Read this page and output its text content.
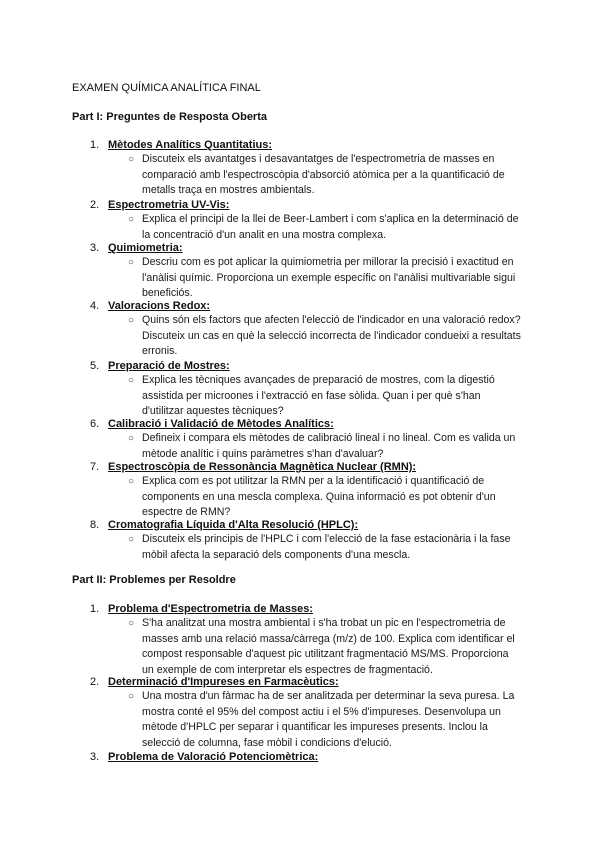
EXAMEN QUÍMICA ANALÍTICA FINAL
Part I: Preguntes de Resposta Oberta
1. Mètodes Analítics Quantitatius:
○ Discuteix els avantatges i desavantatges de l'espectrometria de masses en comparació amb l'espectroscòpia d'absorció atòmica per a la quantificació de metalls traça en mostres ambientals.
2. Espectrometria UV-Vis:
○ Explica el principi de la llei de Beer-Lambert i com s'aplica en la determinació de la concentració d'un analit en una mostra complexa.
3. Quimiometria:
○ Descriu com es pot aplicar la quimiometria per millorar la precisió i exactitud en l'anàlisi químic. Proporciona un exemple específic on l'anàlisi multivariable sigui beneficiós.
4. Valoracions Redox:
○ Quins són els factors que afecten l'elecció de l'indicador en una valoració redox? Discuteix un cas en què la selecció incorrecta de l'indicador condueixi a resultats erronis.
5. Preparació de Mostres:
○ Explica les tècniques avançades de preparació de mostres, com la digestió assistida per microones i l'extracció en fase sòlida. Quan i per què s'han d'utilitzar aquestes tècniques?
6. Calibració i Validació de Mètodes Analítics:
○ Defineix i compara els mètodes de calibració lineal i no lineal. Com es valida un mètode analític i quins paràmetres s'han d'avaluar?
7. Espectroscòpia de Ressonància Magnètica Nuclear (RMN):
○ Explica com es pot utilitzar la RMN per a la identificació i quantificació de components en una mescla complexa. Quina informació es pot obtenir d'un espectre de RMN?
8. Cromatografia Líquida d'Alta Resolució (HPLC):
○ Discuteix els principis de l'HPLC i com l'elecció de la fase estacionària i la fase mòbil afecta la separació dels components d'una mescla.
Part II: Problemes per Resoldre
1. Problema d'Espectrometria de Masses:
○ S'ha analitzat una mostra ambiental i s'ha trobat un pic en l'espectrometria de masses amb una relació massa/càrrega (m/z) de 100. Explica com identificar el compost responsable d'aquest pic utilitzant fragmentació MS/MS. Proporciona un exemple de com interpretar els espectres de fragmentació.
2. Determinació d'Impureses en Farmacèutics:
○ Una mostra d'un fàrmac ha de ser analitzada per determinar la seva puresa. La mostra conté el 95% del compost actiu i el 5% d'impureses. Desenvolupa un mètode d'HPLC per separar i quantificar les impureses presents. Inclou la selecció de columna, fase mòbil i condicions d'elució.
3. Problema de Valoració Potenciomètrica:
